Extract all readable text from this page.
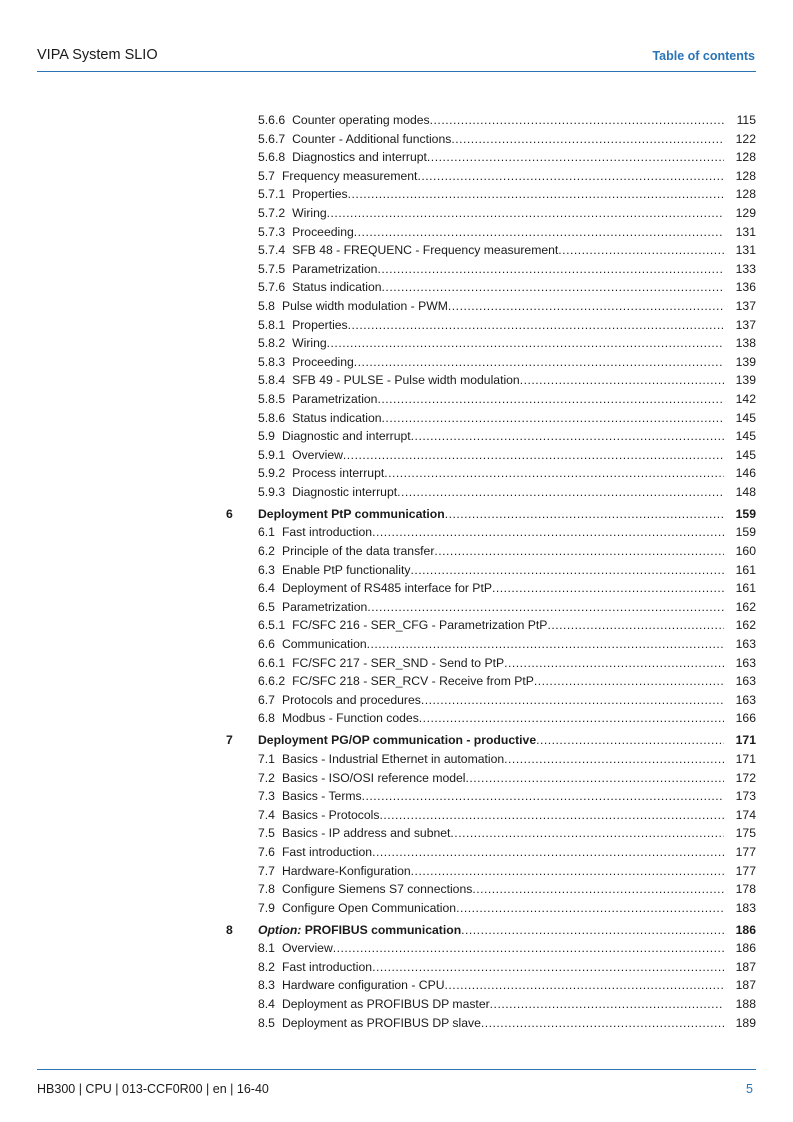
VIPA System SLIO	Table of contents
5.6.6 Counter operating modes .....	115
5.6.7 Counter - Additional functions .....	122
5.6.8 Diagnostics and interrupt .....	128
5.7 Frequency measurement .....	128
5.7.1 Properties .....	128
5.7.2 Wiring .....	129
5.7.3 Proceeding .....	131
5.7.4 SFB 48 - FREQUENC - Frequency measurement .....	131
5.7.5 Parametrization .....	133
5.7.6 Status indication .....	136
5.8 Pulse width modulation - PWM .....	137
5.8.1 Properties .....	137
5.8.2 Wiring .....	138
5.8.3 Proceeding .....	139
5.8.4 SFB 49 - PULSE - Pulse width modulation .....	139
5.8.5 Parametrization .....	142
5.8.6 Status indication .....	145
5.9 Diagnostic and interrupt .....	145
5.9.1 Overview .....	145
5.9.2 Process interrupt .....	146
5.9.3 Diagnostic interrupt .....	148
6	Deployment PtP communication .....	159
6.1 Fast introduction .....	159
6.2 Principle of the data transfer .....	160
6.3 Enable PtP functionality .....	161
6.4 Deployment of RS485 interface for PtP .....	161
6.5 Parametrization .....	162
6.5.1 FC/SFC 216 - SER_CFG - Parametrization PtP .....	162
6.6 Communication .....	163
6.6.1 FC/SFC 217 - SER_SND - Send to PtP .....	163
6.6.2 FC/SFC 218 - SER_RCV - Receive from PtP .....	163
6.7 Protocols and procedures .....	163
6.8 Modbus - Function codes .....	166
7	Deployment PG/OP communication - productive .....	171
7.1 Basics - Industrial Ethernet in automation .....	171
7.2 Basics - ISO/OSI reference model .....	172
7.3 Basics - Terms .....	173
7.4 Basics - Protocols .....	174
7.5 Basics - IP address and subnet .....	175
7.6 Fast introduction .....	177
7.7 Hardware-Konfiguration .....	177
7.8 Configure Siemens S7 connections .....	178
7.9 Configure Open Communication .....	183
8	Option: PROFIBUS communication .....	186
8.1 Overview .....	186
8.2 Fast introduction .....	187
8.3 Hardware configuration - CPU .....	187
8.4 Deployment as PROFIBUS DP master .....	188
8.5 Deployment as PROFIBUS DP slave .....	189
HB300 | CPU | 013-CCF0R00 | en | 16-40	5
